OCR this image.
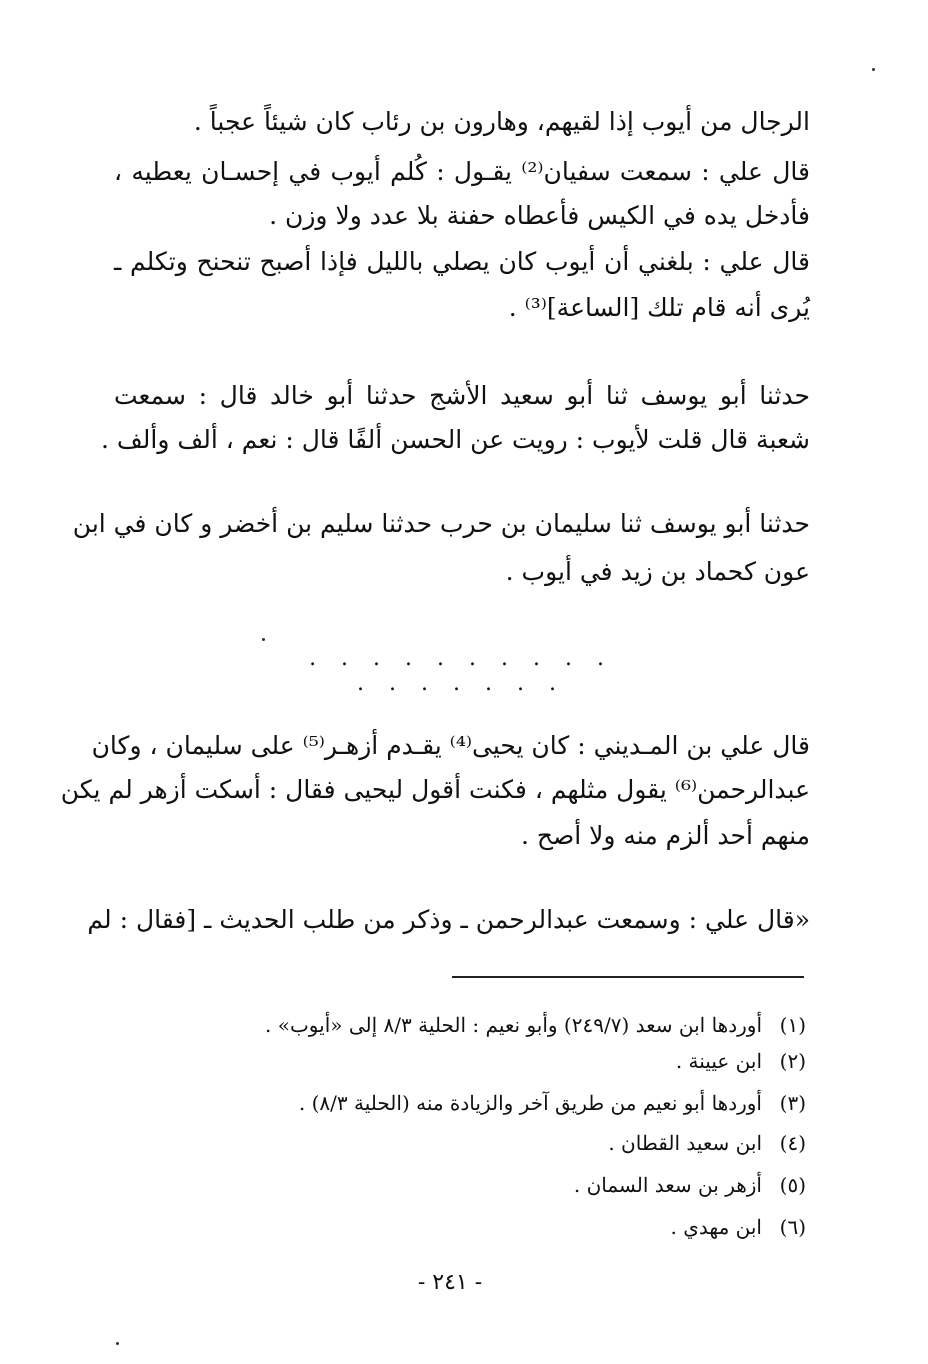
الرجال من أيوب إذا لقيهم، وهارون بن رئاب كان شيئاً عجباً .
قال علي : سمعت سفيان⁽²⁾ يقـول : كُلم أيوب في إحسـان يعطيه ،
فأدخل يده في الكيس فأعطاه حفنة بلا عدد ولا وزن .
قال علي : بلغني أن أيوب كان يصلي بالليل فإذا أصبح تنحنح وتكلم ـ
يُرى أنه قام تلك [الساعة]⁽³⁾ .
حدثنا أبو يوسف ثنا أبو سعيد الأشج حدثنا أبو خالد قال : سمعت
شعبة قال قلت لأيوب : رويت عن الحسن ألفًا قال : نعم ، ألف وألف .
حدثنا أبو يوسف ثنا سليمان بن حرب حدثنا سليم بن أخضر و كان في ابن
عون كحماد بن زيد في أيوب .
. . . . . . . . . . . . . . . . .
قال علي بن المـديني : كان يحيى⁽⁴⁾ يقـدم أزهـر⁽⁵⁾ على سليمان ، وكان
عبدالرحمن⁽⁶⁾ يقول مثلهم ، فكنت أقول ليحيى فقال : أسكت أزهر لم يكن
منهم أحد ألزم منه ولا أصح .
«قال علي : وسمعت عبدالرحمن ـ وذكر من طلب الحديث ـ [فقال : لم
(١)أوردها ابن سعد (٢٤٩/٧) وأبو نعيم : الحلية ٨/٣ إلى «أيوب» .
(٢)ابن عيينة .
(٣)أوردها أبو نعيم من طريق آخر والزيادة منه (الحلية ٨/٣) .
(٤)ابن سعيد القطان .
(٥)أزهر بن سعد السمان .
(٦)ابن مهدي .
- ٢٤١ -
